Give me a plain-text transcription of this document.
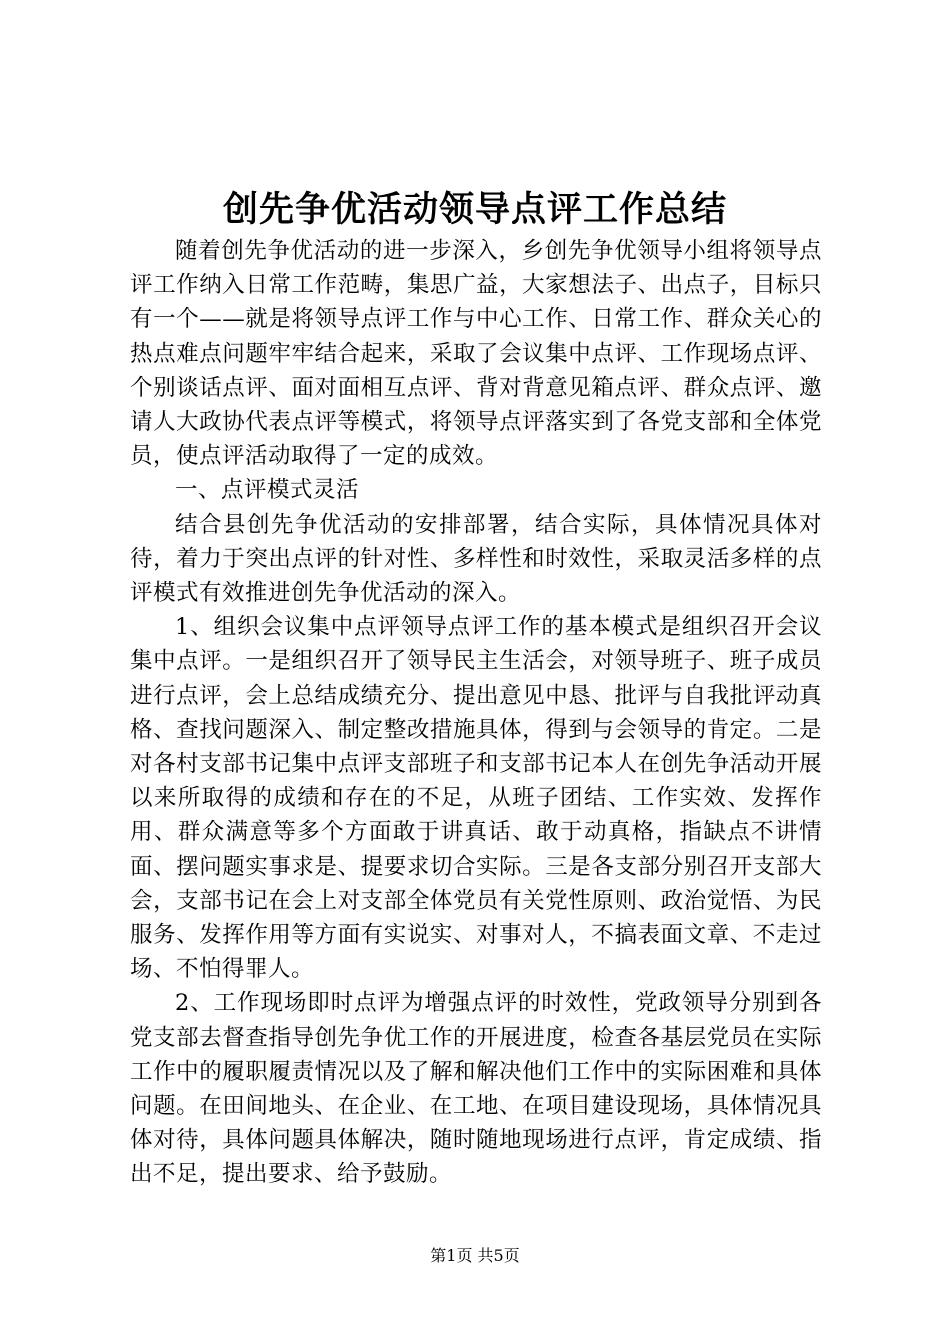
创先争优活动领导点评工作总结

随着创先争优活动的进一步深入，乡创先争优领导小组将领导点评工作纳入日常工作范畴，集思广益，大家想法子、出点子，目标只有一个——就是将领导点评工作与中心工作、日常工作、群众关心的热点难点问题牢牢结合起来，采取了会议集中点评、工作现场点评、个别谈话点评、面对面相互点评、背对背意见箱点评、群众点评、邀请人大政协代表点评等模式，将领导点评落实到了各党支部和全体党员，使点评活动取得了一定的成效。

一、点评模式灵活

结合县创先争优活动的安排部署，结合实际，具体情况具体对待，着力于突出点评的针对性、多样性和时效性，采取灵活多样的点评模式有效推进创先争优活动的深入。

1、组织会议集中点评领导点评工作的基本模式是组织召开会议集中点评。一是组织召开了领导民主生活会，对领导班子、班子成员进行点评，会上总结成绩充分、提出意见中恳、批评与自我批评动真格、查找问题深入、制定整改措施具体，得到与会领导的肯定。二是对各村支部书记集中点评支部班子和支部书记本人在创先争活动开展以来所取得的成绩和存在的不足，从班子团结、工作实效、发挥作用、群众满意等多个方面敢于讲真话、敢于动真格，指缺点不讲情面、摆问题实事求是、提要求切合实际。三是各支部分别召开支部大会，支部书记在会上对支部全体党员有关党性原则、政治觉悟、为民服务、发挥作用等方面有实说实、对事对人，不搞表面文章、不走过场、不怕得罪人。

2、工作现场即时点评为增强点评的时效性，党政领导分别到各党支部去督查指导创先争优工作的开展进度，检查各基层党员在实际工作中的履职履责情况以及了解和解决他们工作中的实际困难和具体问题。在田间地头、在企业、在工地、在项目建设现场，具体情况具体对待，具体问题具体解决，随时随地现场进行点评，肯定成绩、指出不足，提出要求、给予鼓励。

第1页 共5页
